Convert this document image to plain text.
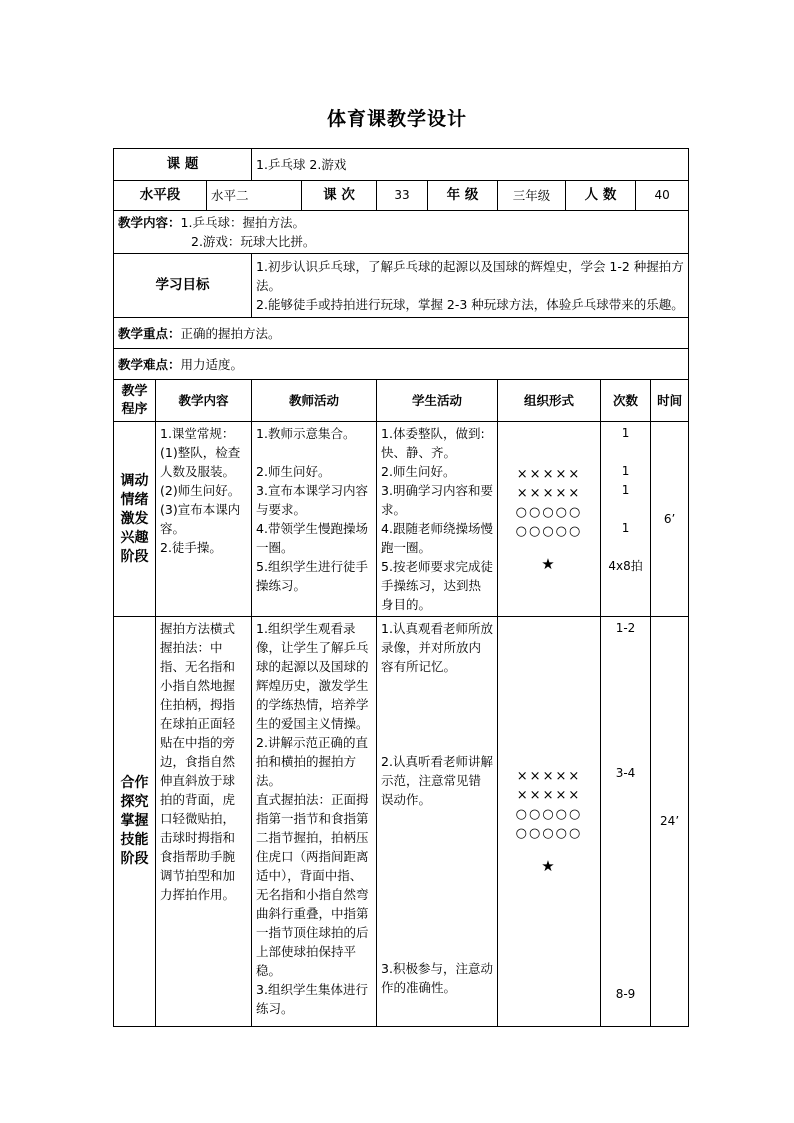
体育课教学设计
课 题			1.乒乓球 2.游戏								
水平段		水平二		课 次	33	年 级	三年级	人 数		40	

教学内容：1.乒乓球：握拍方法。
2.游戏：玩球大比拼。											

学习目标			1.初步认识乒乓球，了解乒乓球的起源以及国球的辉煌史，学会 1-2 种握拍方法。
2.能够徒手或持拍进行玩球，掌握 2-3 种玩球方法，体验乒乓球带来的乐趣。								

教学重点：正确的握拍方法。											
教学难点：用力适度。											
教学程序	教学内容		教师活动		学生活动		组织形式		次数		时间
调动情绪激发兴趣阶段	1.课堂常规：
(1)整队，检查人数及服装。
(2)师生问好。
(3)宣布本课内容。
2.徒手操。		1.教师示意集合。
2.师生问好。
3.宣布本课学习内容与要求。
4.带领学生慢跑操场一圈。
5.组织学生进行徒手操练习。		1.体委整队，做到:快、静、齐。
2.师生问好。
3.明确学习内容和要求。
4.跟随老师绕操场慢跑一圈。
5.按老师要求完成徒手操练习，达到热身目的。		×××××
×××××
○○○○○
○○○○○
★		1
1
1
1
4x8拍		6’
合作探究掌握技能阶段	握拍方法横式握拍法：中指、无名指和小指自然地握住拍柄，拇指在球拍正面轻贴在中指的旁边，食指自然伸直斜放于球拍的背面，虎口轻微贴拍，击球时拇指和食指帮助手腕调节拍型和加力挥拍作用。		1.组织学生观看录像，让学生了解乒乓球的起源以及国球的辉煌历史，激发学生的学练热情，培养学生的爱国主义情操。
2.讲解示范正确的直拍和横拍的握拍方法。
直式握拍法：正面拇指第一指节和食指第二指节握拍，拍柄压住虎口（两指间距离适中），背面中指、无名指和小指自然弯曲斜行重叠，中指第一指节顶住球拍的后上部使球拍保持平稳。
3.组织学生集体进行练习。		1.认真观看老师所放录像，并对所放内容有所记忆。
2.认真听看老师讲解示范，注意常见错误动作。
3.积极参与，注意动作的准确性。		×××××
×××××
○○○○○
○○○○○
★		1-2
3-4
8-9		24’
